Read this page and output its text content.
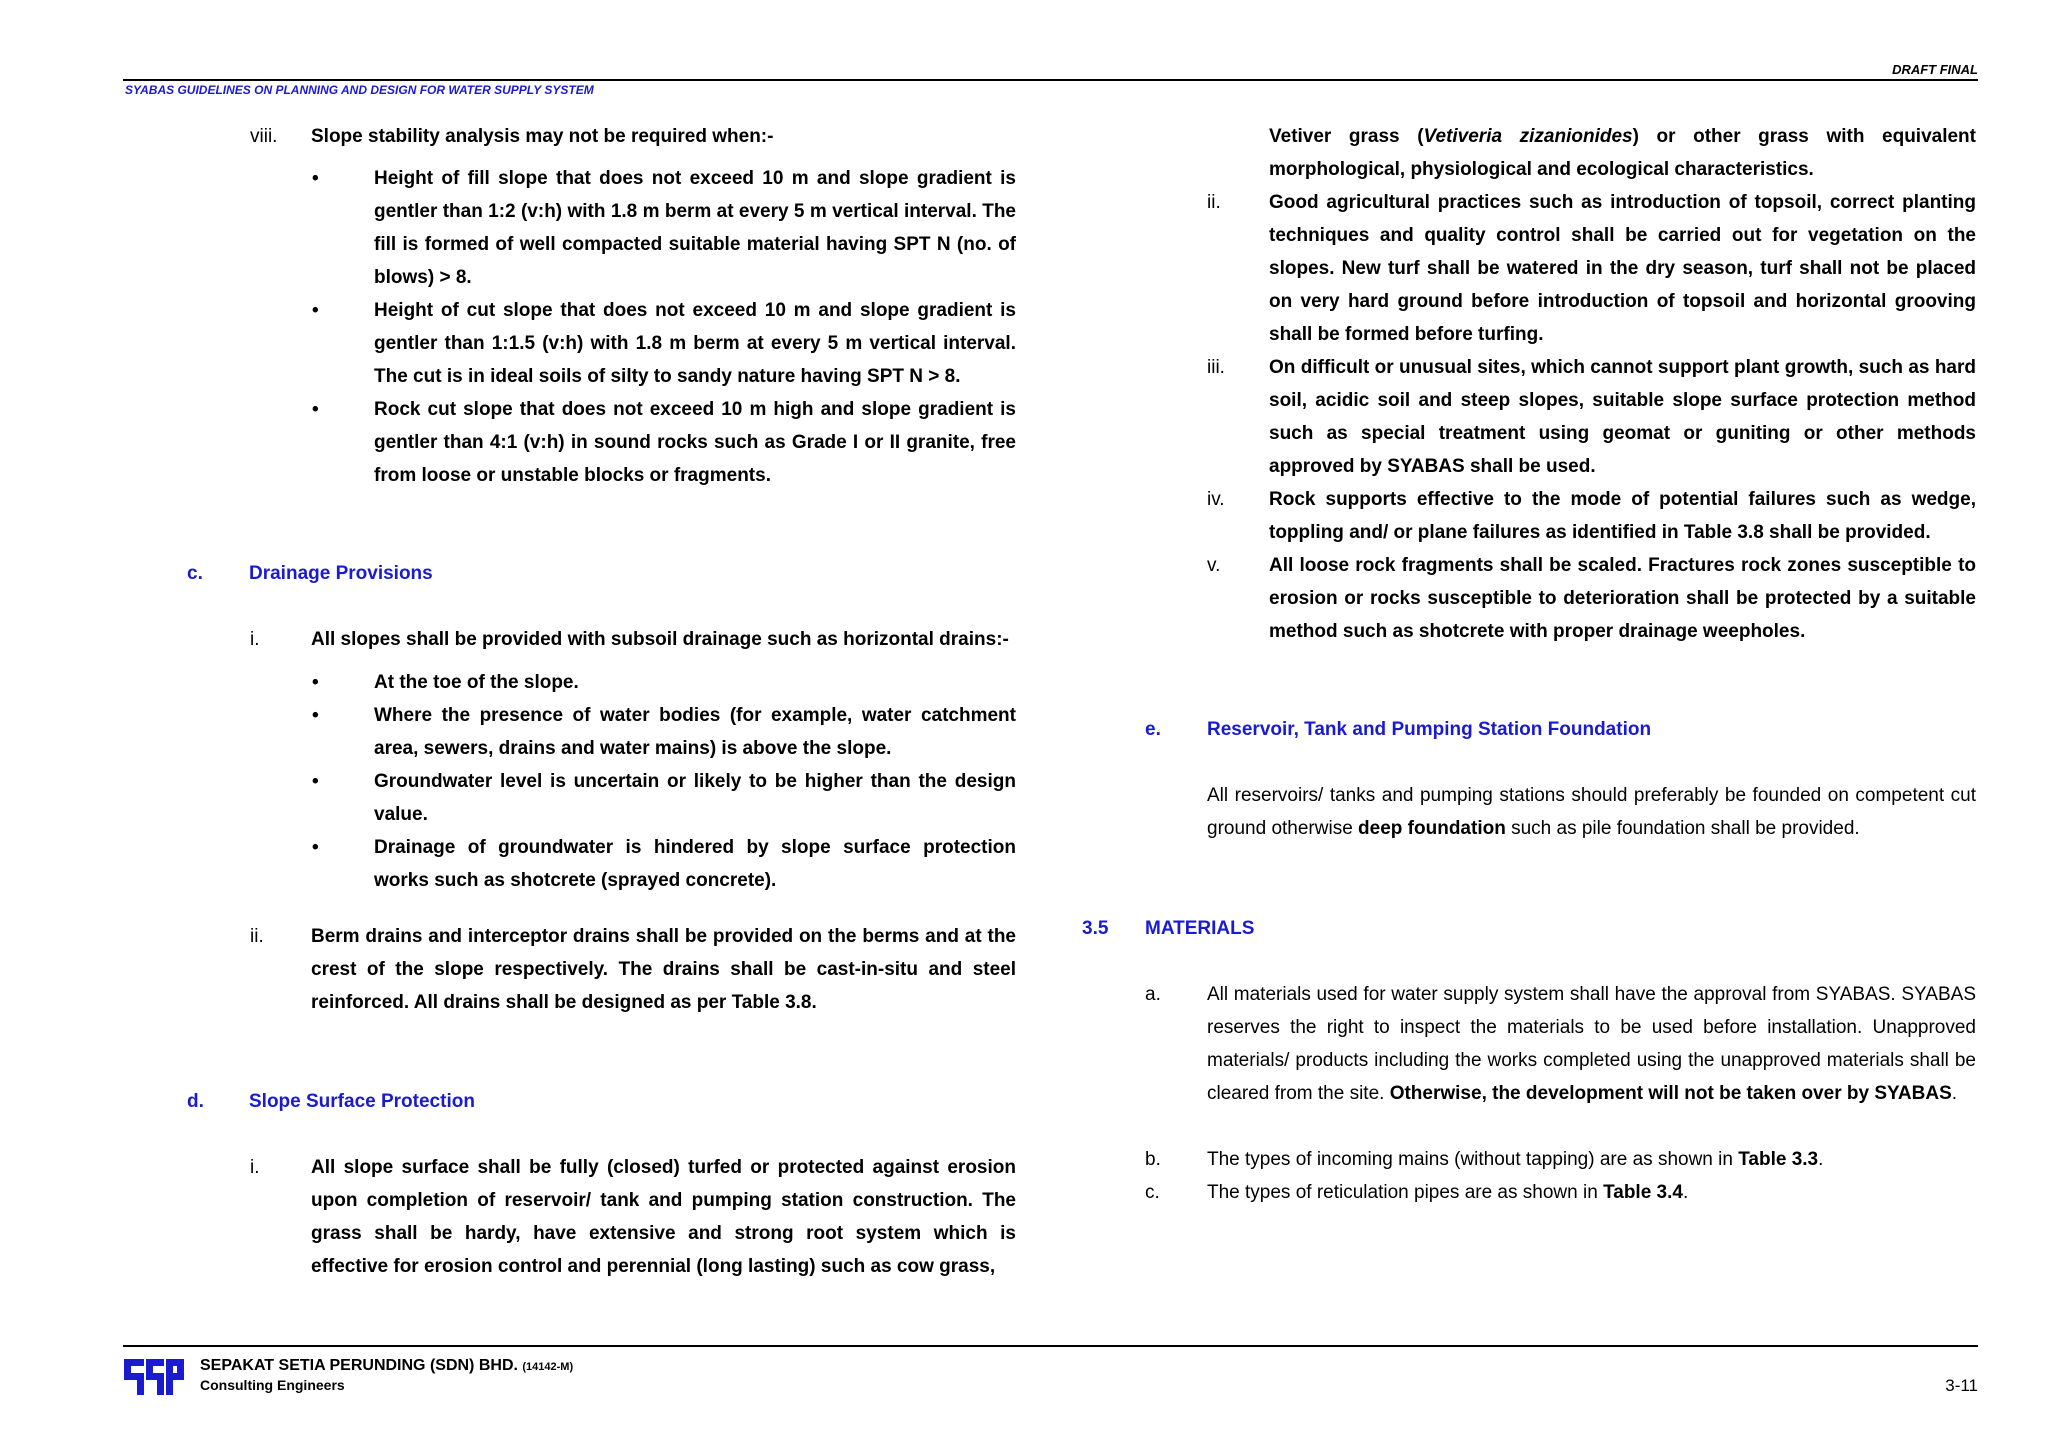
DRAFT FINAL
SYABAS GUIDELINES ON PLANNING AND DESIGN FOR WATER SUPPLY SYSTEM
viii. Slope stability analysis may not be required when:-
•	Height of fill slope that does not exceed 10 m and slope gradient is gentler than 1:2 (v:h) with 1.8 m berm at every 5 m vertical interval. The fill is formed of well compacted suitable material having SPT N (no. of blows) > 8.
•	Height of cut slope that does not exceed 10 m and slope gradient is gentler than 1:1.5 (v:h) with 1.8 m berm at every 5 m vertical interval. The cut is in ideal soils of silty to sandy nature having SPT N > 8.
•	Rock cut slope that does not exceed 10 m high and slope gradient is gentler than 4:1 (v:h) in sound rocks such as Grade I or II granite, free from loose or unstable blocks or fragments.
c. Drainage Provisions
i.	All slopes shall be provided with subsoil drainage such as horizontal drains:-
•	At the toe of the slope.
•	Where the presence of water bodies (for example, water catchment area, sewers, drains and water mains) is above the slope.
•	Groundwater level is uncertain or likely to be higher than the design value.
•	Drainage of groundwater is hindered by slope surface protection works such as shotcrete (sprayed concrete).
ii. Berm drains and interceptor drains shall be provided on the berms and at the crest of the slope respectively. The drains shall be cast-in-situ and steel reinforced. All drains shall be designed as per Table 3.8.
d. Slope Surface Protection
i.	All slope surface shall be fully (closed) turfed or protected against erosion upon completion of reservoir/ tank and pumping station construction. The grass shall be hardy, have extensive and strong root system which is effective for erosion control and perennial (long lasting) such as cow grass,
Vetiver grass (Vetiveria zizanionides) or other grass with equivalent morphological, physiological and ecological characteristics.
ii.	Good agricultural practices such as introduction of topsoil, correct planting techniques and quality control shall be carried out for vegetation on the slopes. New turf shall be watered in the dry season, turf shall not be placed on very hard ground before introduction of topsoil and horizontal grooving shall be formed before turfing.
iii. On difficult or unusual sites, which cannot support plant growth, such as hard soil, acidic soil and steep slopes, suitable slope surface protection method such as special treatment using geomat or guniting or other methods approved by SYABAS shall be used.
iv. Rock supports effective to the mode of potential failures such as wedge, toppling and/ or plane failures as identified in Table 3.8 shall be provided.
v.	All loose rock fragments shall be scaled. Fractures rock zones susceptible to erosion or rocks susceptible to deterioration shall be protected by a suitable method such as shotcrete with proper drainage weepholes.
e. Reservoir, Tank and Pumping Station Foundation
All reservoirs/ tanks and pumping stations should preferably be founded on competent cut ground otherwise deep foundation such as pile foundation shall be provided.
3.5 MATERIALS
a. All materials used for water supply system shall have the approval from SYABAS. SYABAS reserves the right to inspect the materials to be used before installation. Unapproved materials/ products including the works completed using the unapproved materials shall be cleared from the site. Otherwise, the development will not be taken over by SYABAS.
b. The types of incoming mains (without tapping) are as shown in Table 3.3.
c. The types of reticulation pipes are as shown in Table 3.4.
SEPAKAT SETIA PERUNDING (SDN) BHD. (14142-M)
Consulting Engineers	3-11
